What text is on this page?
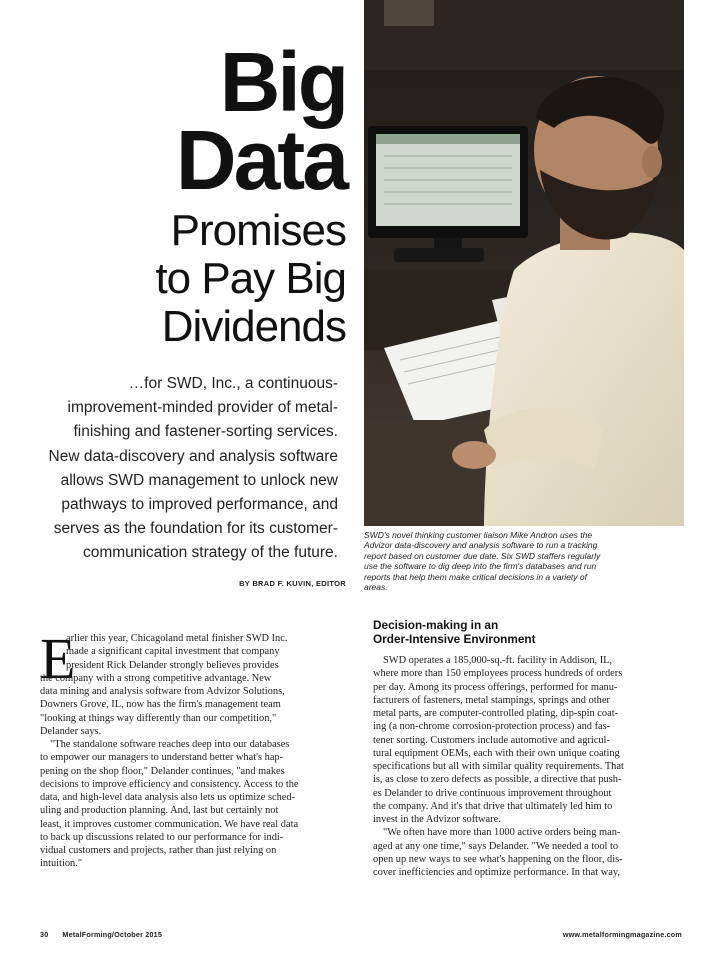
Big
Data
Promises
to Pay Big
Dividends
…for SWD, Inc., a continuous-
improvement-minded provider of metal-
finishing and fastener-sorting services.
New data-discovery and analysis software
allows SWD management to unlock new
pathways to improved performance, and
serves as the foundation for its customer-
communication strategy of the future.
SWD's novel thinking customer liaison Mike Andron uses the
Advizor data-discovery and analysis software to run a tracking
report based on customer due date. Six SWD staffers regularly
use the software to dig deep into the firm's databases and run
reports that help them make critical decisions in a variety of
areas.
BY BRAD F. KUVIN, EDITOR
E
arlier this year, Chicagoland metal finisher SWD Inc.
made a significant capital investment that company
president Rick Delander strongly believes provides
the company with a strong competitive advantage. New
data mining and analysis software from Advizor Solutions,
Downers Grove, IL, now has the firm's management team
"looking at things way differently than our competition,"
Delander says.
"The standalone software reaches deep into our databases
to empower our managers to understand better what's hap-
pening on the shop floor," Delander continues, "and makes
decisions to improve efficiency and consistency. Access to the
data, and high-level data analysis also lets us optimize sched-
uling and production planning. And, last but certainly not
least, it improves customer communication. We have real data
to back up discussions related to our performance for indi-
vidual customers and projects, rather than just relying on
intuition."
Decision-making in an
Order-Intensive Environment
SWD operates a 185,000-sq.-ft. facility in Addison, IL,
where more than 150 employees process hundreds of orders
per day. Among its process offerings, performed for manu-
facturers of fasteners, metal stampings, springs and other
metal parts, are computer-controlled plating, dip-spin coat-
ing (a non-chrome corrosion-protection process) and fas-
tener sorting. Customers include automotive and agricul-
tural equipment OEMs, each with their own unique coating
specifications but all with similar quality requirements. That
is, as close to zero defects as possible, a directive that push-
es Delander to drive continuous improvement throughout
the company. And it's that drive that ultimately led him to
invest in the Advizor software.
"We often have more than 1000 active orders being man-
aged at any one time," says Delander. "We needed a tool to
open up new ways to see what's happening on the floor, dis-
cover inefficiencies and optimize performance. In that way,
30 MetalForming/October 2015	www.metalformingmagazine.com
